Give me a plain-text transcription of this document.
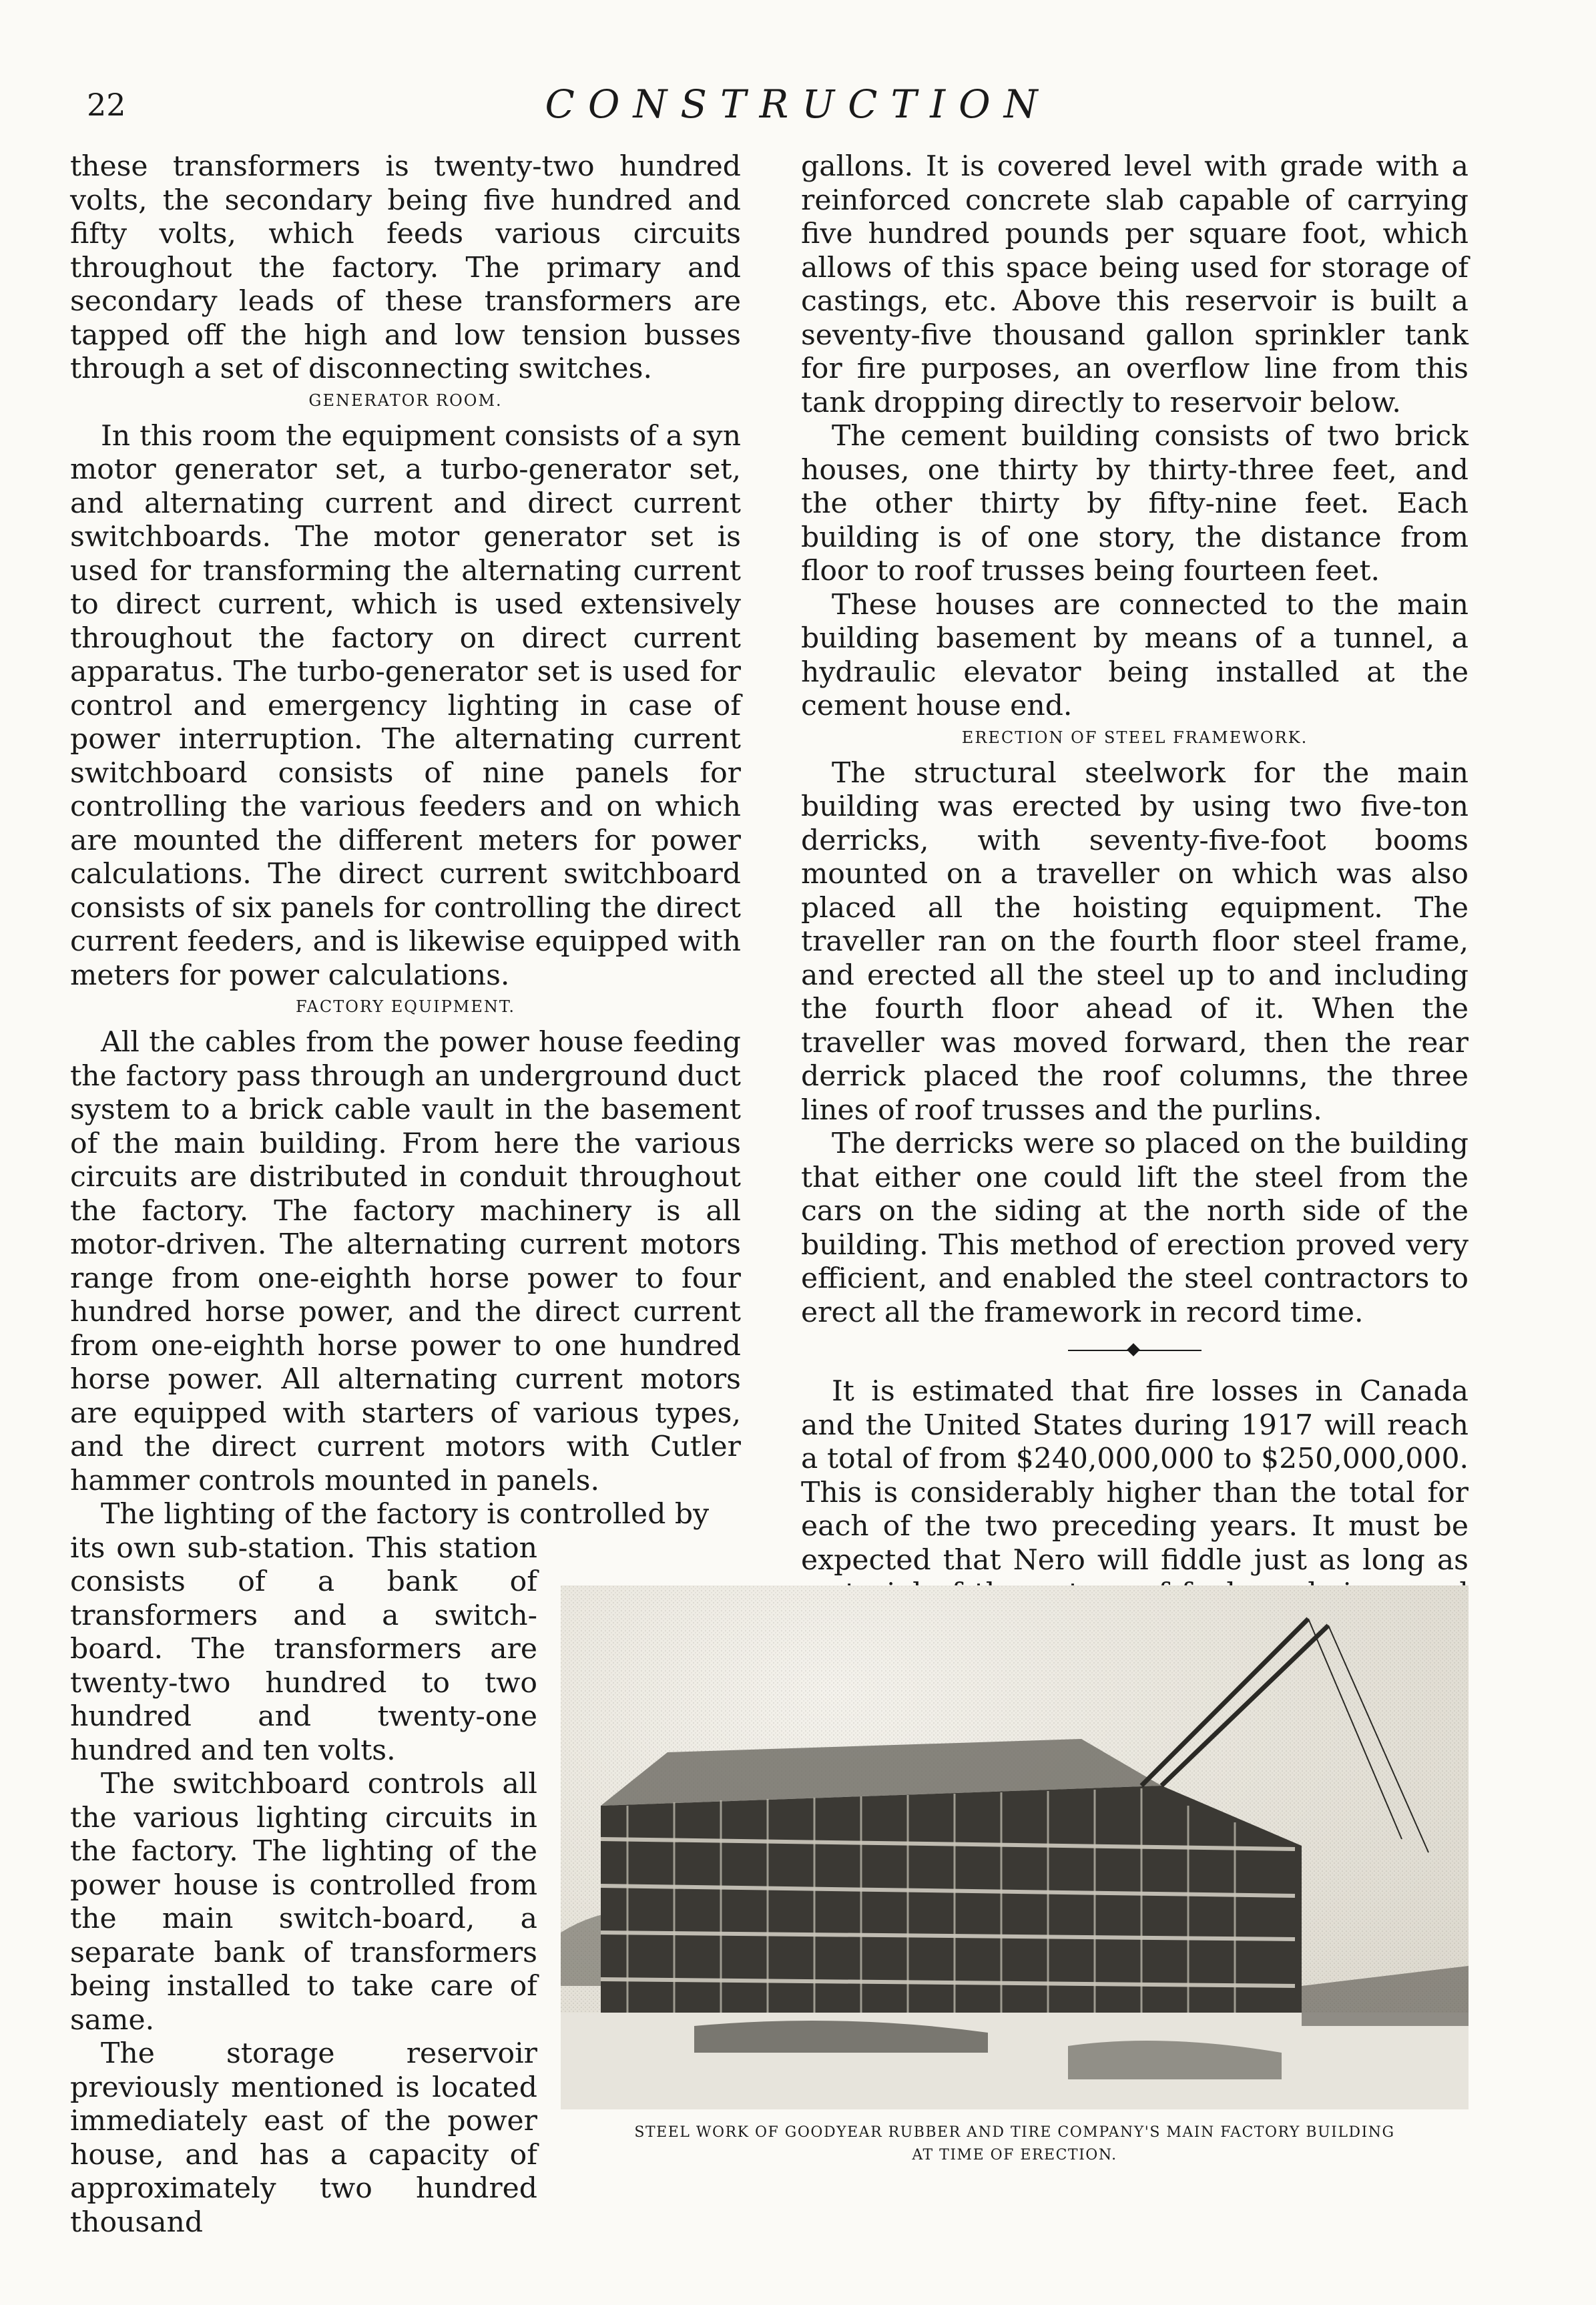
22	CONSTRUCTION

these transformers is twenty-two hundred volts, the secondary being five hundred and fifty volts, which feeds various circuits throughout the factory. The primary and secondary leads of these transformers are tapped off the high and low tension busses through a set of disconnecting switches.

GENERATOR ROOM.

In this room the equipment consists of a syn motor generator set, a turbo-generator set, and alternating current and direct current switchboards. The motor generator set is used for transforming the alternating current to direct current, which is used extensively throughout the factory on direct current apparatus. The turbo-generator set is used for control and emergency lighting in case of power interruption. The alternating current switchboard consists of nine panels for controlling the various feeders and on which are mounted the different meters for power calculations. The direct current switchboard consists of six panels for controlling the direct current feeders, and is likewise equipped with meters for power calculations.

FACTORY EQUIPMENT.

All the cables from the power house feeding the factory pass through an underground duct system to a brick cable vault in the basement of the main building. From here the various circuits are distributed in conduit throughout the factory. The factory machinery is all motor-driven. The alternating current motors range from one-eighth horse power to four hundred horse power, and the direct current from one-eighth horse power to one hundred horse power. All alternating current motors are equipped with starters of various types, and the direct current motors with Cutler hammer controls mounted in panels.

The lighting of the factory is controlled by

its own sub-station. This station consists of a bank of transformers and a switch-board. The transformers are twenty-two hundred to two hundred and twenty-one hundred and ten volts.

The switchboard controls all the various lighting circuits in the factory. The lighting of the power house is controlled from the main switch-board, a separate bank of transformers being installed to take care of same.

The storage reservoir previously mentioned is located immediately east of the power house, and has a capacity of approximately two hundred thousand

gallons. It is covered level with grade with a reinforced concrete slab capable of carrying five hundred pounds per square foot, which allows of this space being used for storage of castings, etc. Above this reservoir is built a seventy-five thousand gallon sprinkler tank for fire purposes, an overflow line from this tank dropping directly to reservoir below.

The cement building consists of two brick houses, one thirty by thirty-three feet, and the other thirty by fifty-nine feet. Each building is of one story, the distance from floor to roof trusses being fourteen feet.

These houses are connected to the main building basement by means of a tunnel, a hydraulic elevator being installed at the cement house end.

ERECTION OF STEEL FRAMEWORK.

The structural steelwork for the main building was erected by using two five-ton derricks, with seventy-five-foot booms mounted on a traveller on which was also placed all the hoisting equipment. The traveller ran on the fourth floor steel frame, and erected all the steel up to and including the fourth floor ahead of it. When the traveller was moved forward, then the rear derrick placed the roof columns, the three lines of roof trusses and the purlins.

The derricks were so placed on the building that either one could lift the steel from the cars on the siding at the north side of the building. This method of erection proved very efficient, and enabled the steel contractors to erect all the framework in record time.

It is estimated that fire losses in Canada and the United States during 1917 will reach a total of from $240,000,000 to $250,000,000. This is considerably higher than the total for each of the two preceding years. It must be expected that Nero will fiddle just as long as

STEEL WORK OF GOODYEAR RUBBER AND TIRE COMPANY'S MAIN FACTORY BUILDING
AT TIME OF ERECTION.
